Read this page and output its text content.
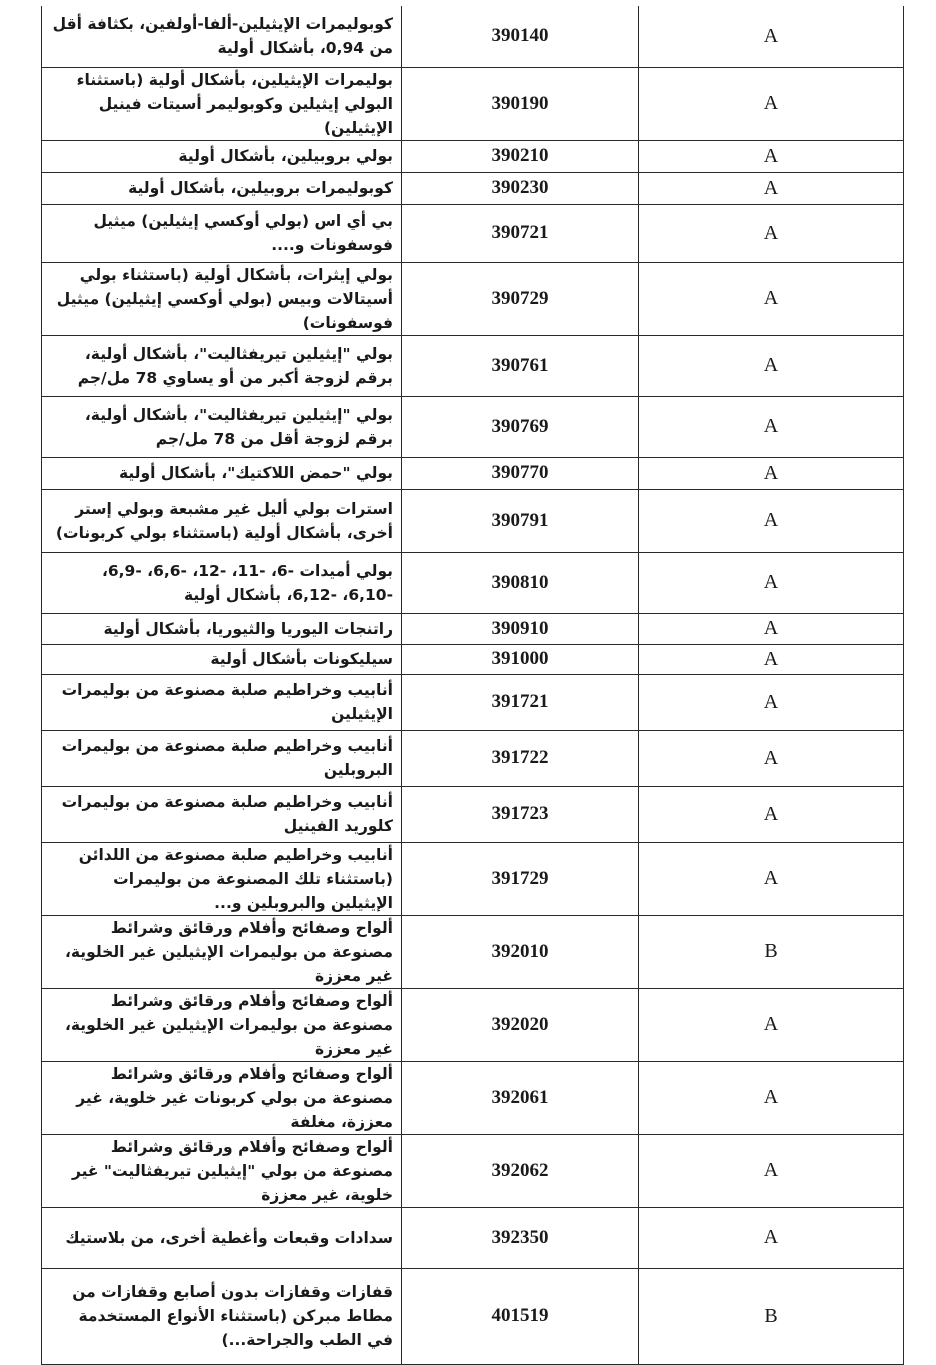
كوبوليمرات الإيثيلين-ألفا-أولفين، بكثافة أقل من 0,94، بأشكال أولية	390140	A
بوليمرات الإيثيلين، بأشكال أولية (باستثناء البولي إيثيلين وكوبوليمر أسيتات فينيل الإيثيلين)	390190	A
بولي بروبيلين، بأشكال أولية	390210	A
كوبوليمرات بروبيلين، بأشكال أولية	390230	A
بي أي اس (بولي أوكسي إيثيلين) ميثيل فوسفونات و....	390721	A
بولي إيثرات، بأشكال أولية (باستثناء بولي أسيتالات وبيس (بولي أوكسي إيثيلين) ميثيل فوسفونات)	390729	A
بولي "إيثيلين تيريفثاليت"، بأشكال أولية، برقم لزوجة أكبر من أو يساوي 78 مل/جم	390761	A
بولي "إيثيلين تيريفثاليت"، بأشكال أولية، برقم لزوجة أقل من 78 مل/جم	390769	A
بولي "حمض اللاكتيك"، بأشكال أولية	390770	A
استرات بولي أليل غير مشبعة وبولي إستر أخرى، بأشكال أولية (باستثناء بولي كربونات)	390791	A
بولي أميدات -6، -11، -12، -6,6، -6,9، -6,10، -6,12، بأشكال أولية	390810	A
راتنجات اليوريا والثيوريا، بأشكال أولية	390910	A
سيليكونات بأشكال أولية	391000	A
أنابيب وخراطيم صلبة مصنوعة من بوليمرات الإيثيلين	391721	A
أنابيب وخراطيم صلبة مصنوعة من بوليمرات البروبلين	391722	A
أنابيب وخراطيم صلبة مصنوعة من بوليمرات كلوريد الفينيل	391723	A
أنابيب وخراطيم صلبة مصنوعة من اللدائن (باستثناء تلك المصنوعة من بوليمرات الإيثيلين والبروبلين و...	391729	A
ألواح وصفائح وأفلام ورقائق وشرائط مصنوعة من بوليمرات الإيثيلين غير الخلوية، غير معززة	392010	B
ألواح وصفائح وأفلام ورقائق وشرائط مصنوعة من بوليمرات الإيثيلين غير الخلوية، غير معززة	392020	A
ألواح وصفائح وأفلام ورقائق وشرائط مصنوعة من بولي كربونات غير خلوية، غير معززة، مغلفة	392061	A
ألواح وصفائح وأفلام ورقائق وشرائط مصنوعة من بولي "إيثيلين تيريفثاليت" غير خلوية، غير معززة	392062	A
سدادات وقبعات وأغطية أخرى، من بلاستيك	392350	A
قفازات وقفازات بدون أصابع وقفازات من مطاط مبركن (باستثناء الأنواع المستخدمة في الطب والجراحة...)	401519	B
